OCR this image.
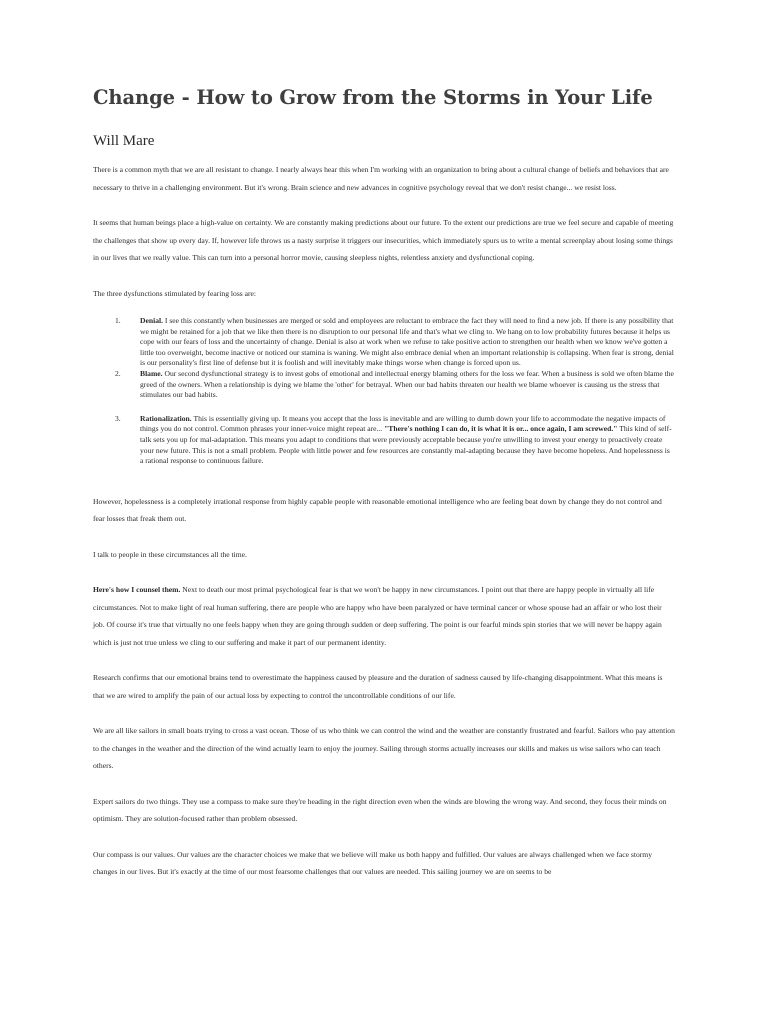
Change - How to Grow from the Storms in Your Life
Will Mare

There is a common myth that we are all resistant to change. I nearly always hear this when I'm working with an organization to bring about a cultural change of beliefs and behaviors that are necessary to thrive in a challenging environment. But it's wrong. Brain science and new advances in cognitive psychology reveal that we don't resist change... we resist loss.

It seems that human beings place a high-value on certainty. We are constantly making predictions about our future. To the extent our predictions are true we feel secure and capable of meeting the challenges that show up every day. If, however life throws us a nasty surprise it triggers our insecurities, which immediately spurs us to write a mental screenplay about losing some things in our lives that we really value. This can turn into a personal horror movie, causing sleepless nights, relentless anxiety and dysfunctional coping.

The three dysfunctions stimulated by fearing loss are:

1.	Denial. I see this constantly when businesses are merged or sold and employees are reluctant to embrace the fact they will need to find a new job. If there is any possibility that we might be retained for a job that we like then there is no disruption to our personal life and that's what we cling to. We hang on to low probability futures because it helps us cope with our fears of loss and the uncertainty of change. Denial is also at work when we refuse to take positive action to strengthen our health when we know we've gotten a little too overweight, become inactive or noticed our stamina is waning. We might also embrace denial when an important relationship is collapsing. When fear is strong, denial is our personality's first line of defense but it is foolish and will inevitably make things worse when change is forced upon us.
2.	Blame. Our second dysfunctional strategy is to invest gobs of emotional and intellectual energy blaming others for the loss we fear. When a business is sold we often blame the greed of the owners. When a relationship is dying we blame the 'other' for betrayal. When our bad habits threaten our health we blame whoever is causing us the stress that stimulates our bad habits.
3.	Rationalization. This is essentially giving up. It means you accept that the loss is inevitable and are willing to dumb down your life to accommodate the negative impacts of things you do not control. Common phrases your inner-voice might repeat are... "There's nothing I can do, it is what it is or... once again, I am screwed." This kind of self-talk sets you up for mal-adaptation. This means you adapt to conditions that were previously acceptable because you're unwilling to invest your energy to proactively create your new future. This is not a small problem. People with little power and few resources are constantly mal-adapting because they have become hopeless. And hopelessness is a rational response to continuous failure.

However, hopelessness is a completely irrational response from highly capable people with reasonable emotional intelligence who are feeling beat down by change they do not control and fear losses that freak them out.

I talk to people in these circumstances all the time.

Here's how I counsel them. Next to death our most primal psychological fear is that we won't be happy in new circumstances. I point out that there are happy people in virtually all life circumstances. Not to make light of real human suffering, there are people who are happy who have been paralyzed or have terminal cancer or whose spouse had an affair or who lost their job. Of course it's true that virtually no one feels happy when they are going through sudden or deep suffering. The point is our fearful minds spin stories that we will never be happy again which is just not true unless we cling to our suffering and make it part of our permanent identity.

Research confirms that our emotional brains tend to overestimate the happiness caused by pleasure and the duration of sadness caused by life-changing disappointment. What this means is that we are wired to amplify the pain of our actual loss by expecting to control the uncontrollable conditions of our life.

We are all like sailors in small boats trying to cross a vast ocean. Those of us who think we can control the wind and the weather are constantly frustrated and fearful. Sailors who pay attention to the changes in the weather and the direction of the wind actually learn to enjoy the journey. Sailing through storms actually increases our skills and makes us wise sailors who can teach others.

Expert sailors do two things. They use a compass to make sure they're heading in the right direction even when the winds are blowing the wrong way. And second, they focus their minds on optimism. They are solution-focused rather than problem obsessed.

Our compass is our values. Our values are the character choices we make that we believe will make us both happy and fulfilled. Our values are always challenged when we face stormy changes in our lives. But it's exactly at the time of our most fearsome challenges that our values are needed. This sailing journey we are on seems to be
